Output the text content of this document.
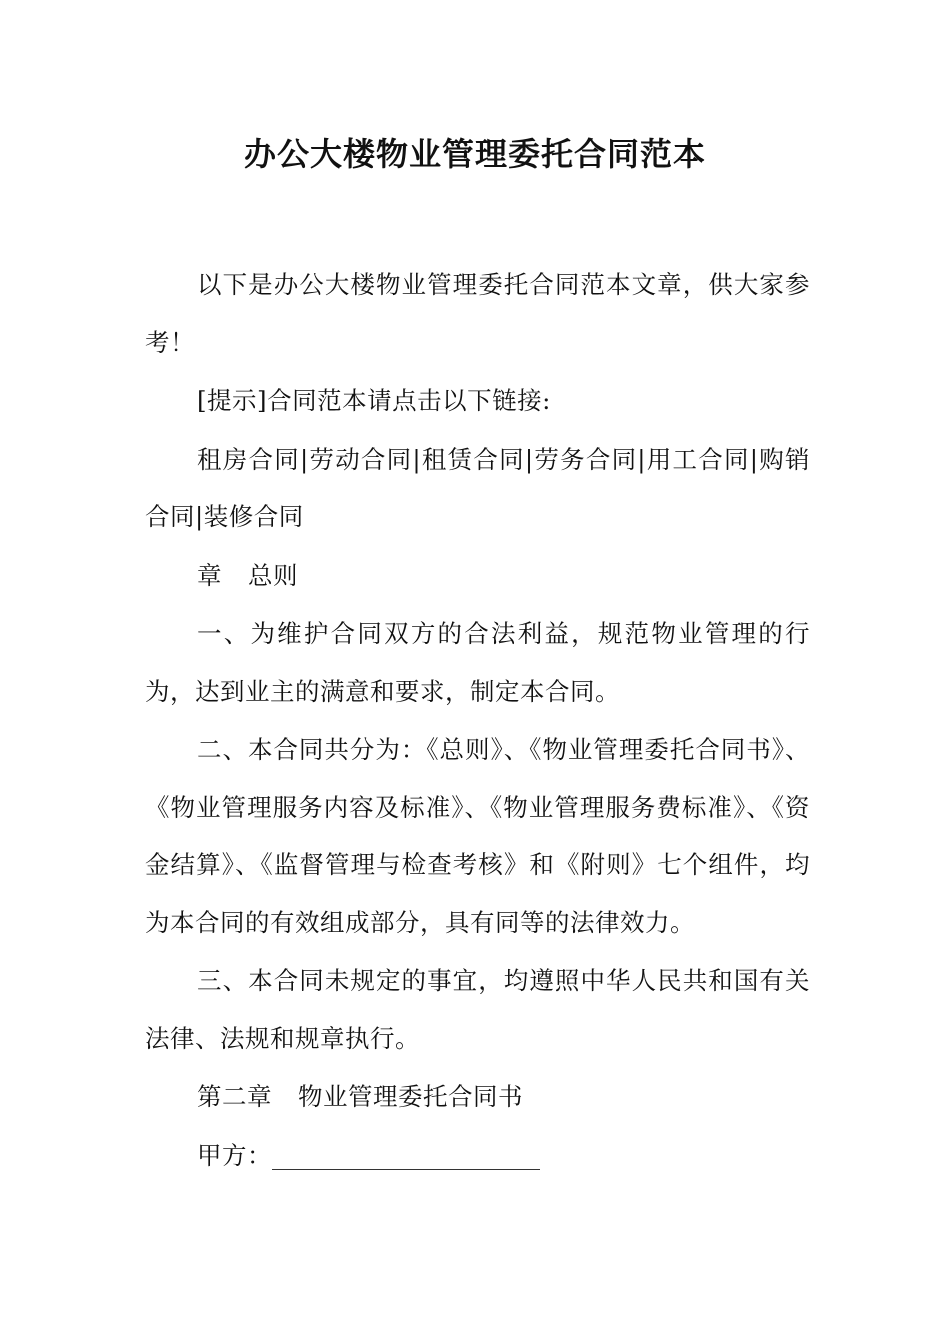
办公大楼物业管理委托合同范本

以下是办公大楼物业管理委托合同范本文章，供大家参考！

[提示]合同范本请点击以下链接:

租房合同|劳动合同|租赁合同|劳务合同|用工合同|购销合同|装修合同

章 总则

一、为维护合同双方的合法利益，规范物业管理的行为，达到业主的满意和要求，制定本合同。

二、本合同共分为：《总则》、《物业管理委托合同书》、《物业管理服务内容及标准》、《物业管理服务费标准》、《资金结算》、《监督管理与检查考核》和《附则》七个组件，均为本合同的有效组成部分，具有同等的法律效力。

三、本合同未规定的事宜，均遵照中华人民共和国有关法律、法规和规章执行。

第二章 物业管理委托合同书

甲方：
